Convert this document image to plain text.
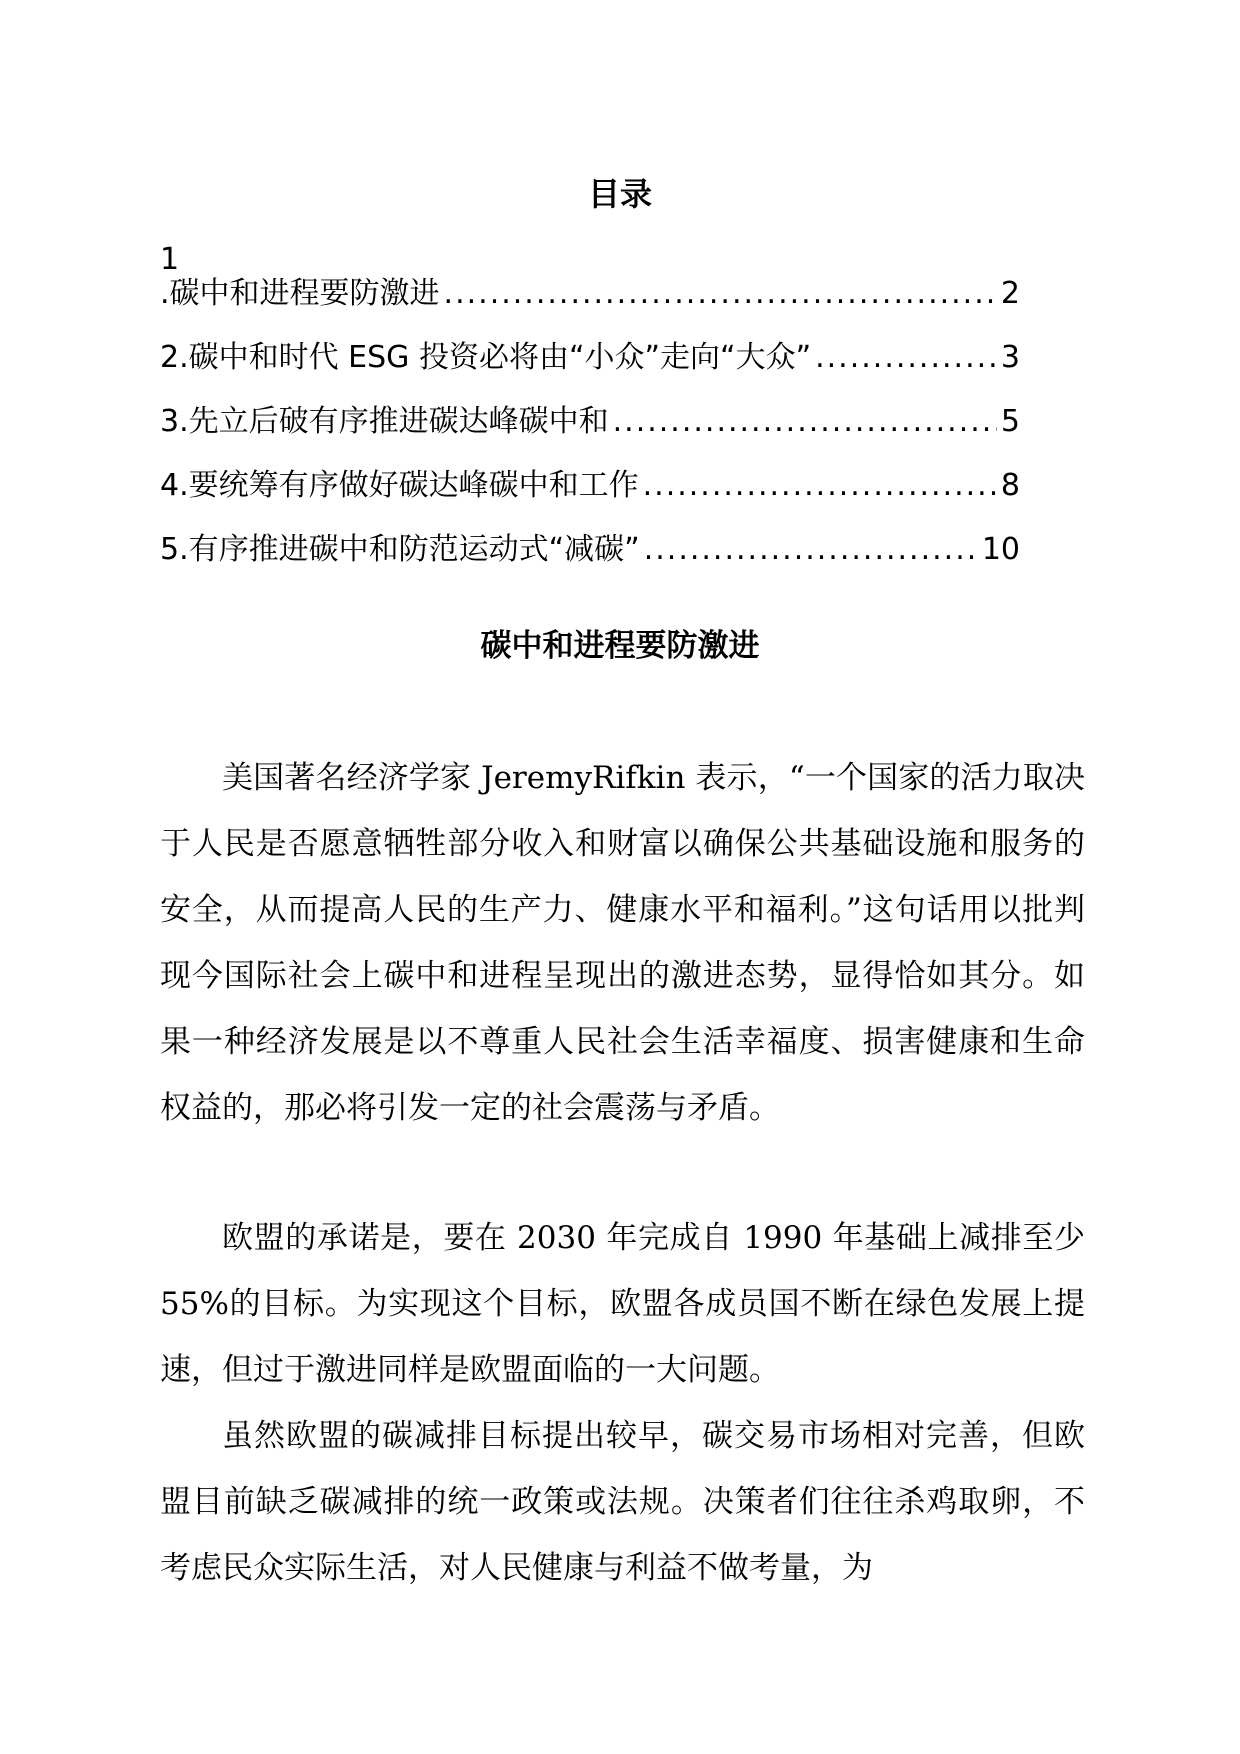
目录
1
.碳中和进程要防激进 .....	2
2.碳中和时代 ESG 投资必将由“小众”走向“大众” .....	3
3.先立后破有序推进碳达峰碳中和 .....	5
4.要统筹有序做好碳达峰碳中和工作 .....	8
5.有序推进碳中和防范运动式“减碳” .....	10
碳中和进程要防激进

美国著名经济学家 JeremyRifkin 表示，“一个国家的活力取决于人民是否愿意牺牲部分收入和财富以确保公共基础设施和服务的安全，从而提高人民的生产力、健康水平和福利。”这句话用以批判现今国际社会上碳中和进程呈现出的激进态势，显得恰如其分。如果一种经济发展是以不尊重人民社会生活幸福度、损害健康和生命权益的，那必将引发一定的社会震荡与矛盾。

欧盟的承诺是，要在 2030 年完成自 1990 年基础上减排至少 55%的目标。为实现这个目标，欧盟各成员国不断在绿色发展上提速，但过于激进同样是欧盟面临的一大问题。

虽然欧盟的碳减排目标提出较早，碳交易市场相对完善，但欧盟目前缺乏碳减排的统一政策或法规。决策者们往往杀鸡取卵，不考虑民众实际生活，对人民健康与利益不做考量，为
